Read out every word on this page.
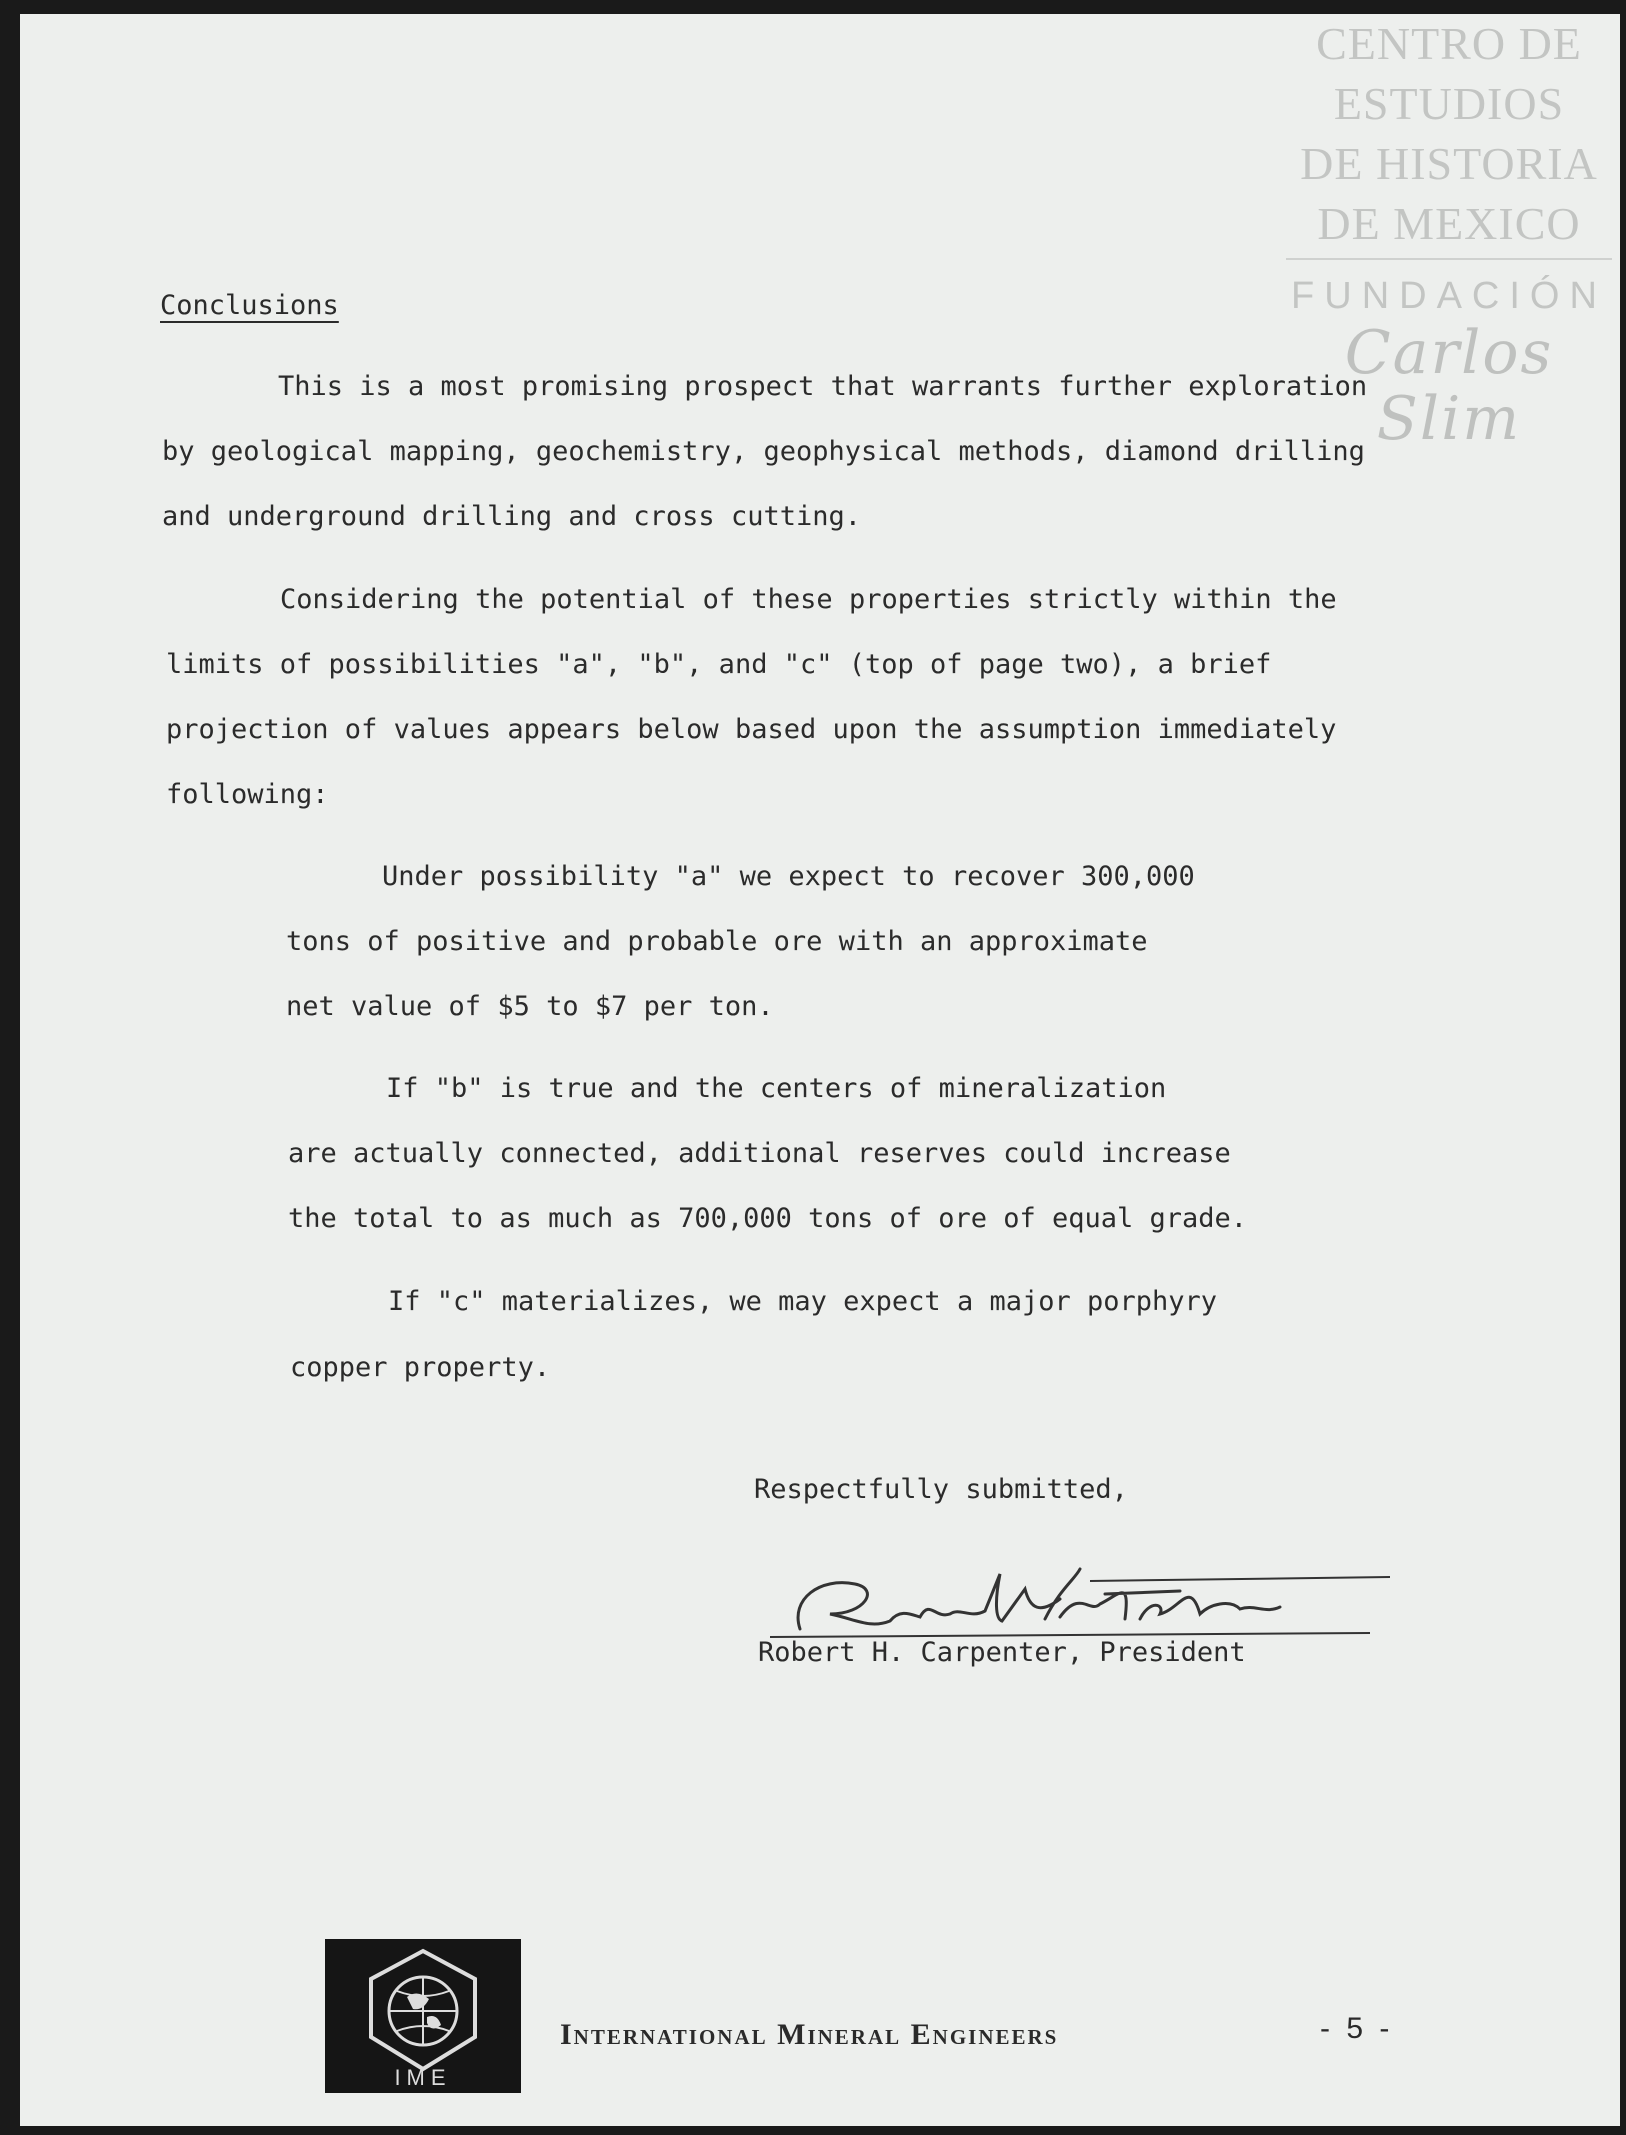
CENTRO DE
ESTUDIOS
DE HISTORIA
DE MEXICO
FUNDACIÓN
Carlos Slim
Conclusions
This is a most promising prospect that warrants further exploration
by geological mapping, geochemistry, geophysical methods, diamond drilling
and underground drilling and cross cutting.
Considering the potential of these properties strictly within the
limits of possibilities "a", "b", and "c" (top of page two), a brief
projection of values appears below based upon the assumption immediately
following:
Under possibility "a" we expect to recover 300,000
tons of positive and probable ore with an approximate
net value of $5 to $7 per ton.
If "b" is true and the centers of mineralization
are actually connected, additional reserves could increase
the total to as much as 700,000 tons of ore of equal grade.
If "c" materializes, we may expect a major porphyry
copper property.
Respectfully submitted,
Robert H. Carpenter, President
IME
International Mineral Engineers	- 5 -
